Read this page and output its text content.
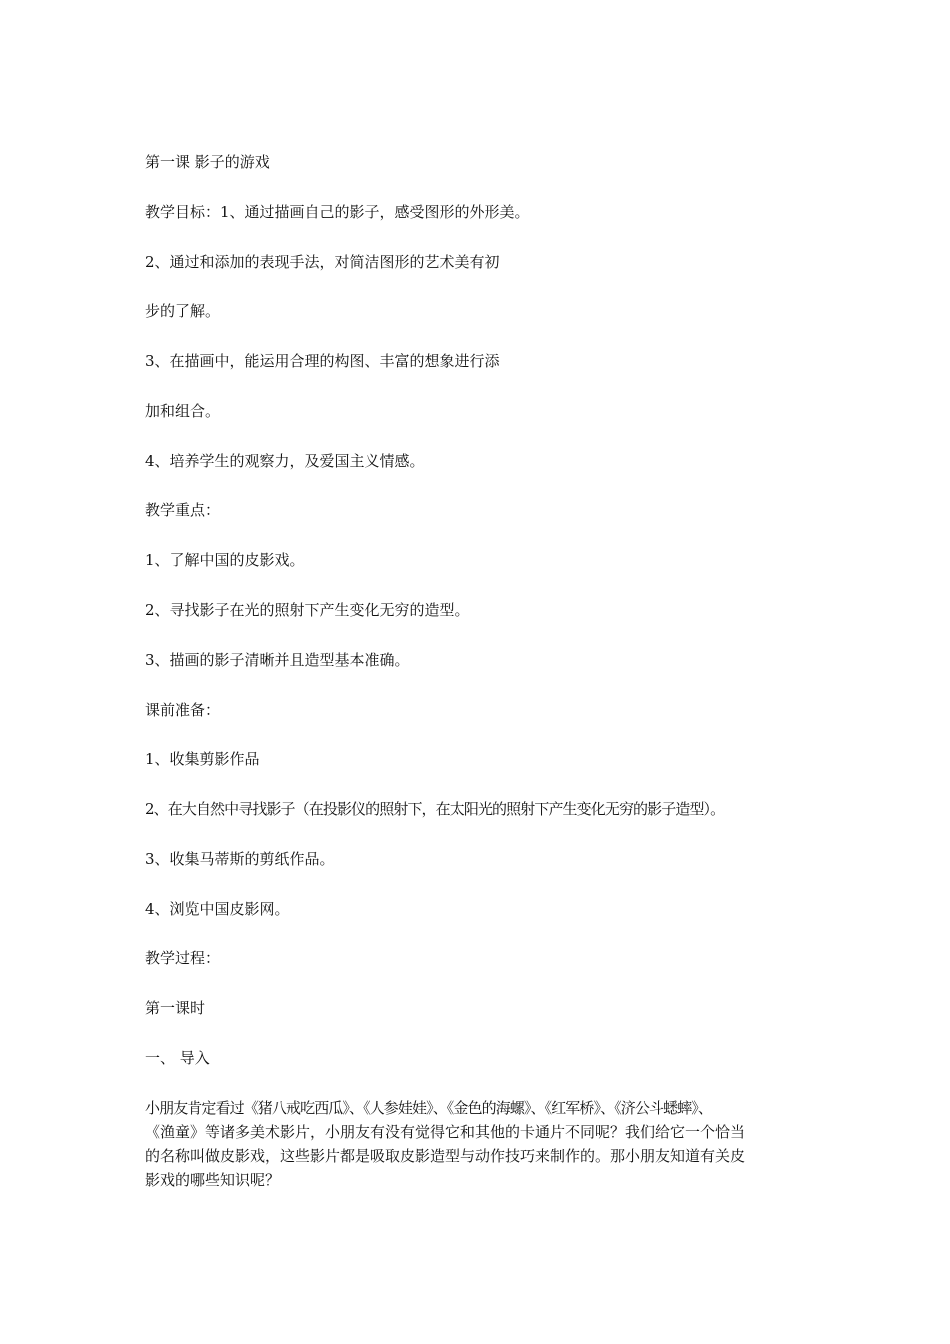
第一课 影子的游戏
教学目标：1、通过描画自己的影子，感受图形的外形美。
2、通过和添加的表现手法，对简洁图形的艺术美有初
步的了解。
3、在描画中，能运用合理的构图、丰富的想象进行添
加和组合。
4、培养学生的观察力，及爱国主义情感。
教学重点：
1、了解中国的皮影戏。
2、寻找影子在光的照射下产生变化无穷的造型。
3、描画的影子清晰并且造型基本准确。
课前准备：
1、收集剪影作品
2、在大自然中寻找影子（在投影仪的照射下，在太阳光的照射下产生变化无穷的影子造型）。
3、收集马蒂斯的剪纸作品。
4、浏览中国皮影网。
教学过程：
第一课时
一、 导入
小朋友肯定看过《猪八戒吃西瓜》、《人参娃娃》、《金色的海螺》、《红军桥》、《济公斗蟋蟀》、
《渔童》等诸多美术影片，小朋友有没有觉得它和其他的卡通片不同呢？我们给它一个恰当
的名称叫做皮影戏，这些影片都是吸取皮影造型与动作技巧来制作的。那小朋友知道有关皮
影戏的哪些知识呢？
